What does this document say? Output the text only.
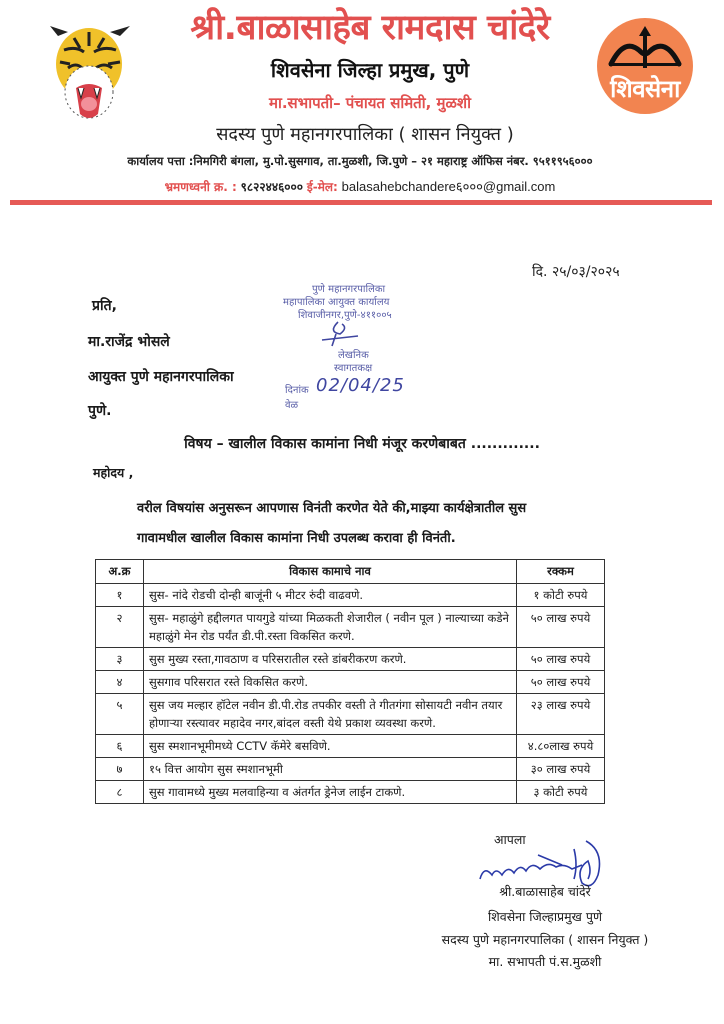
श्री.बाळासाहेब रामदास चांदेरे
शिवसेना जिल्हा प्रमुख, पुणे
मा.सभापती– पंचायत समिती, मुळशी
सदस्य पुणे महानगरपालिका ( शासन नियुक्त )
शिवसेना
कार्यालय पत्ता :निमगिरी बंगला, मु.पो.सुसगाव, ता.मुळशी, जि.पुणे – २१ महाराष्ट्र ऑफिस नंबर. ९५११९५६०००
भ्रमणध्वनी क्र. : ९८२२४४६००० ई-मेल: balasahebchandere६०००@gmail.com
दि. २५/०३/२०२५
प्रति,
मा.राजेंद्र भोसले
आयुक्त पुणे महानगरपालिका
पुणे.
पुणे महानगरपालिका
महापालिका आयुक्त कार्यालय
शिवाजीनगर,पुणे-४११००५
लेखनिक
स्वागतकक्ष
दिनांक 02/04/25
वेळ
विषय – खालील विकास कामांना निधी मंजूर करणेबाबत .............
महोदय ,
वरील विषयांस अनुसरून आपणास विनंती करणेत येते की,माझ्या कार्यक्षेत्रातील सुस
गावामधील खालील विकास कामांना निधी उपलब्ध करावा ही विनंती.
अ.क्र	विकास कामाचे नाव	रक्कम
१	सुस- नांदे रोडची दोन्ही बाजूंनी ५ मीटर रुंदी वाढवणे.	१ कोटी रुपये
२	सुस- महाळुंगे हद्दीलगत पायगुडे यांच्या मिळकती शेजारील ( नवीन पूल ) नाल्याच्या कडेने महाळुंगे मेन रोड पर्यंत डी.पी.रस्ता विकसित करणे.	५० लाख रुपये
३	सुस मुख्य रस्ता,गावठाण व परिसरातील रस्ते डांबरीकरण करणे.	५० लाख रुपये
४	सुसगाव परिसरात रस्ते विकसित करणे.	५० लाख रुपये
५	सुस जय मल्हार हॉटेल नवीन डी.पी.रोड तपकीर वस्ती ते गीतगंगा सोसायटी नवीन तयार होणाऱ्या रस्त्यावर महादेव नगर,बांदल वस्ती येथे प्रकाश व्यवस्था करणे.	२३ लाख रुपये
६	सुस स्मशानभूमीमध्ये CCTV कॅमेरे बसविणे.	४.८०लाख रुपये
७	१५ वित्त आयोग सुस स्मशानभूमी	३० लाख रुपये
८	सुस गावामध्ये मुख्य मलवाहिन्या व अंतर्गत ड्रेनेज लाईन टाकणे.	३ कोटी रुपये
आपला
श्री.बाळासाहेब चांदेरे
शिवसेना जिल्हाप्रमुख पुणे
सदस्य पुणे महानगरपालिका ( शासन नियुक्त )
मा. सभापती पं.स.मुळशी
